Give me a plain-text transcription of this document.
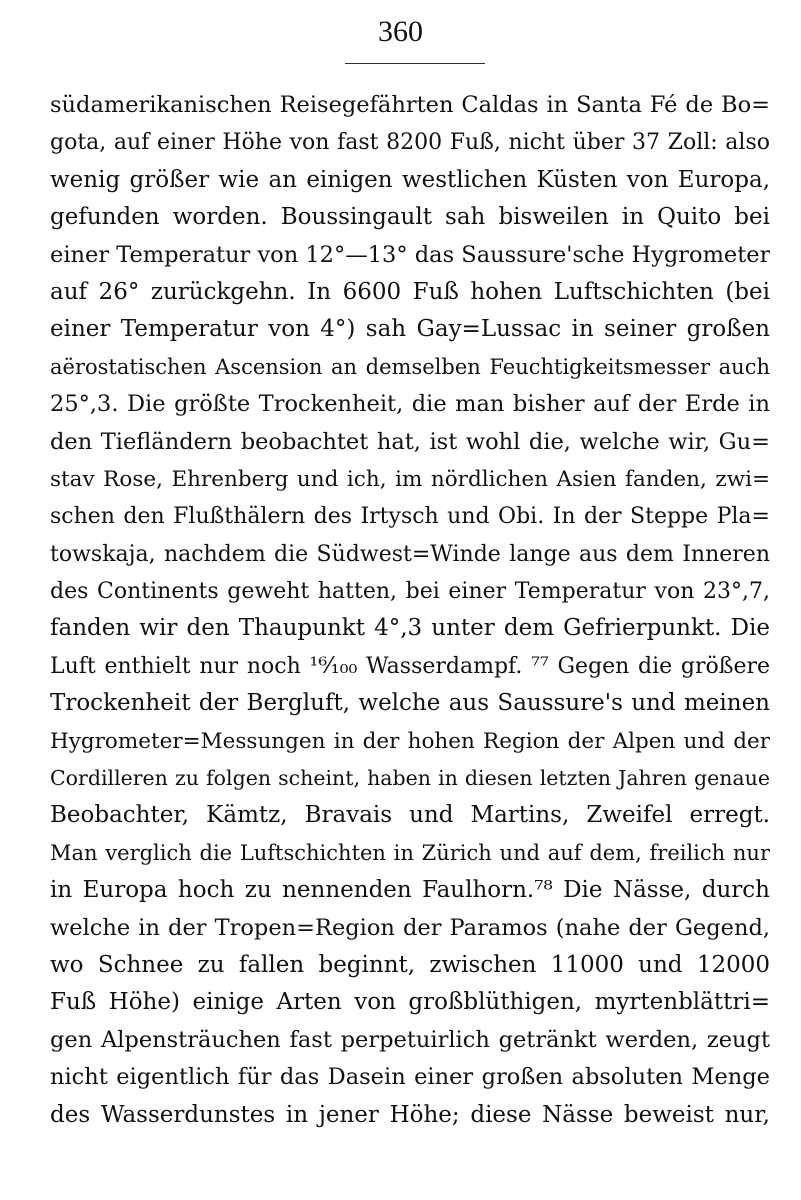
360
südamerikanischen Reisegefährten Caldas in Santa Fé de Bo=
gota, auf einer Höhe von fast 8200 Fuß, nicht über 37 Zoll: also
wenig größer wie an einigen westlichen Küsten von Europa,
gefunden worden. Boussingault sah bisweilen in Quito bei
einer Temperatur von 12°—13° das Saussure'sche Hygrometer
auf 26° zurückgehn. In 6600 Fuß hohen Luftschichten (bei
einer Temperatur von 4°) sah Gay=Lussac in seiner großen
aërostatischen Ascension an demselben Feuchtigkeitsmesser auch
25°,3. Die größte Trockenheit, die man bisher auf der Erde in
den Tiefländern beobachtet hat, ist wohl die, welche wir, Gu=
stav Rose, Ehrenberg und ich, im nördlichen Asien fanden, zwi=
schen den Flußthälern des Irtysch und Obi. In der Steppe Pla=
towskaja, nachdem die Südwest=Winde lange aus dem Inneren
des Continents geweht hatten, bei einer Temperatur von 23°,7,
fanden wir den Thaupunkt 4°,3 unter dem Gefrierpunkt. Die
Luft enthielt nur noch ¹⁶⁄₁₀₀ Wasserdampf. ⁷⁷ Gegen die größere
Trockenheit der Bergluft, welche aus Saussure's und meinen
Hygrometer=Messungen in der hohen Region der Alpen und der
Cordilleren zu folgen scheint, haben in diesen letzten Jahren genaue
Beobachter, Kämtz, Bravais und Martins, Zweifel erregt.
Man verglich die Luftschichten in Zürich und auf dem, freilich nur
in Europa hoch zu nennenden Faulhorn.⁷⁸ Die Nässe, durch
welche in der Tropen=Region der Paramos (nahe der Gegend,
wo Schnee zu fallen beginnt, zwischen 11000 und 12000
Fuß Höhe) einige Arten von großblüthigen, myrtenblättri=
gen Alpensträuchen fast perpetuirlich getränkt werden, zeugt
nicht eigentlich für das Dasein einer großen absoluten Menge
des Wasserdunstes in jener Höhe; diese Nässe beweist nur,
